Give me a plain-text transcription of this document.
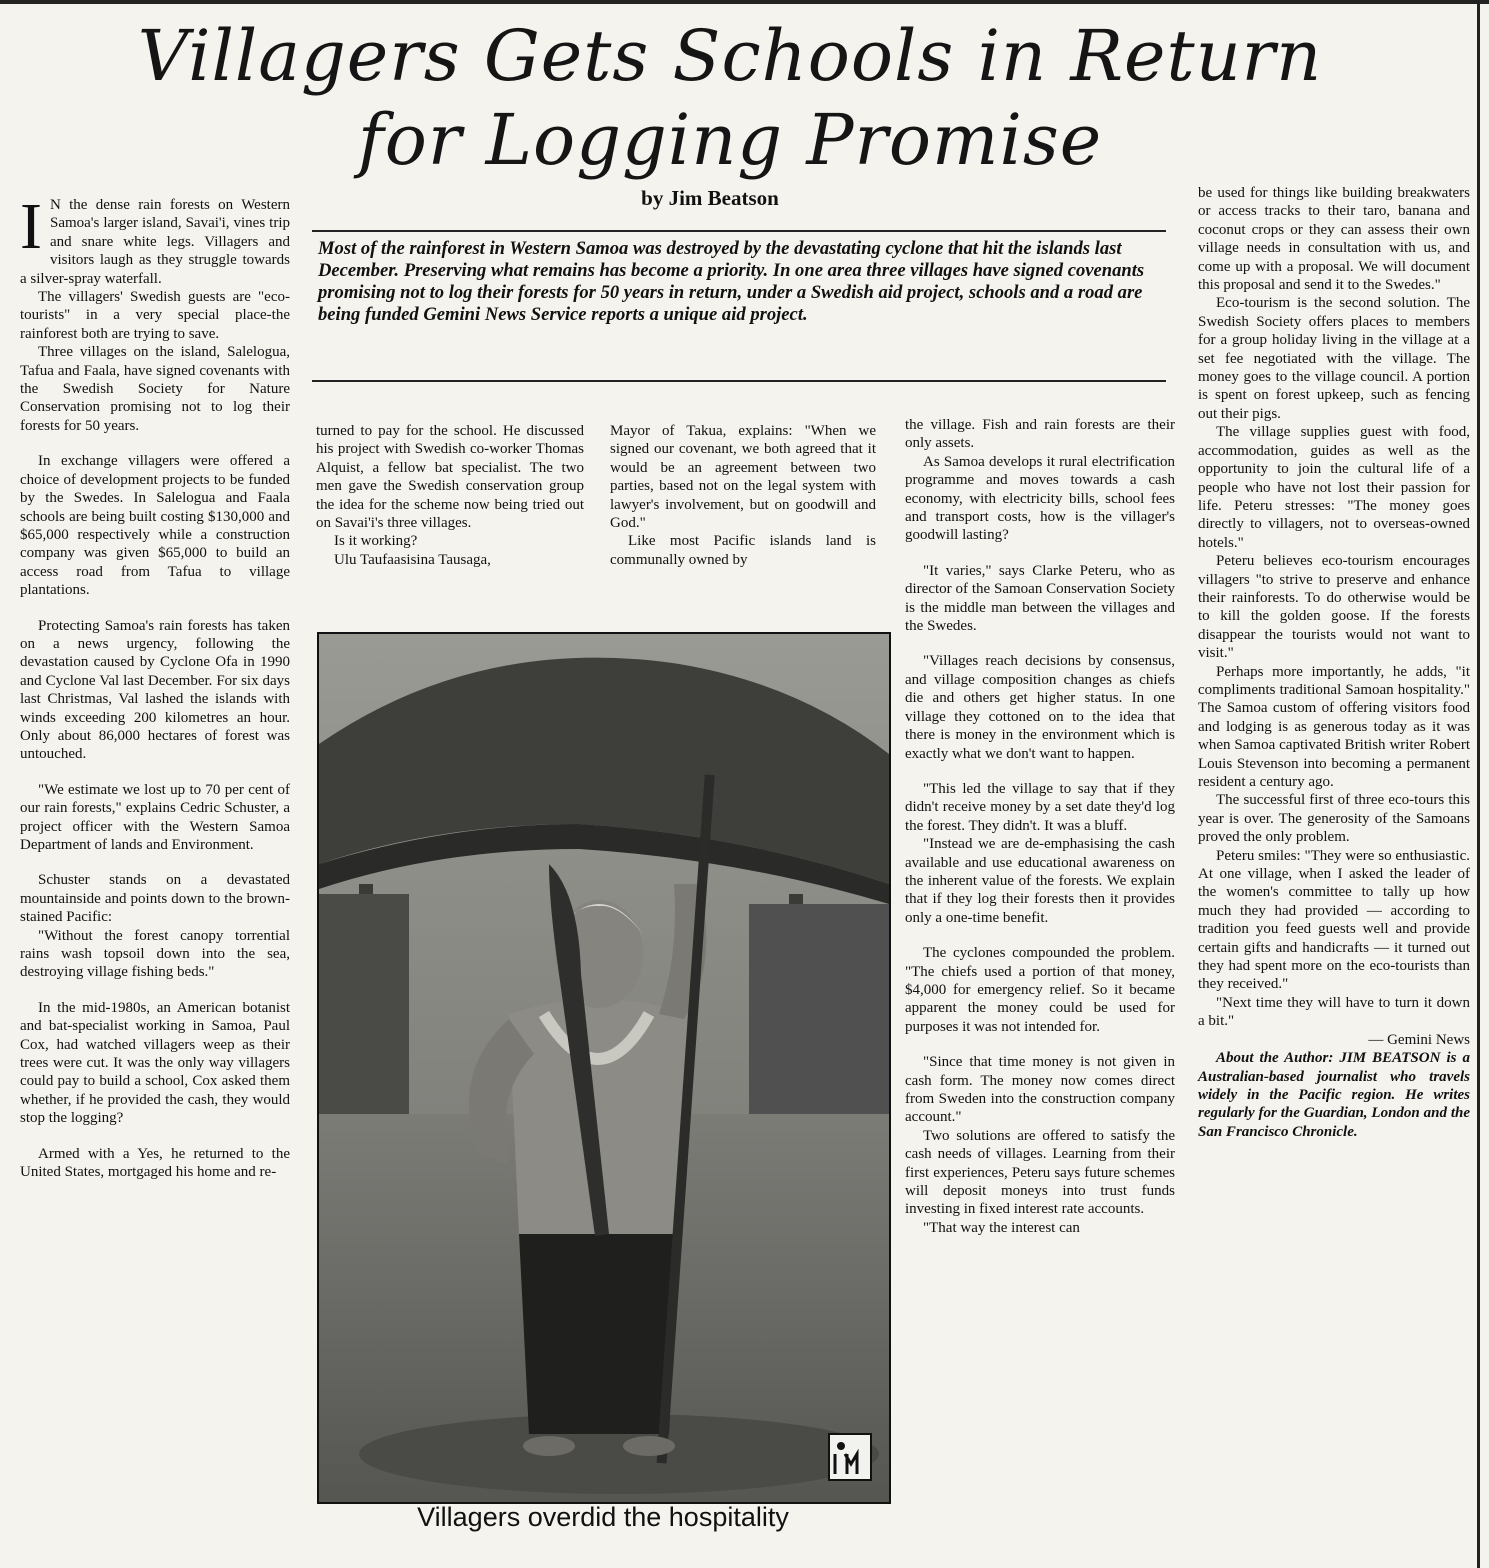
Villagers Gets Schools in Return
for Logging Promise
by Jim Beatson

Most of the rainforest in Western Samoa was destroyed by the devastating cyclone that hit the islands last December. Preserving what remains has become a priority. In one area three villages have signed covenants promising not to log their forests for 50 years in return, under a Swedish aid project, schools and a road are being funded Gemini News Service reports a unique aid project.

I N the dense rain forests on Western Samoa's larger island, Savai'i, vines trip and snare white legs. Villagers and visitors laugh as they struggle towards a silver-spray waterfall.

The villagers' Swedish guests are "eco-tourists" in a very special place-the rainforest both are trying to save.

Three villages on the island, Salelogua, Tafua and Faala, have signed covenants with the Swedish Society for Nature Conservation promising not to log their forests for 50 years.

In exchange villagers were offered a choice of development projects to be funded by the Swedes. In Salelogua and Faala schools are being built costing $130,000 and $65,000 respectively while a construction company was given $65,000 to build an access road from Tafua to village plantations.

Protecting Samoa's rain forests has taken on a news urgency, following the devastation caused by Cyclone Ofa in 1990 and Cyclone Val last December. For six days last Christmas, Val lashed the islands with winds exceeding 200 kilometres an hour. Only about 86,000 hectares of forest was untouched.

"We estimate we lost up to 70 per cent of our rain forests," explains Cedric Schuster, a project officer with the Western Samoa Department of lands and Environment.

Schuster stands on a devastated mountainside and points down to the brown-stained Pacific:

"Without the forest canopy torrential rains wash topsoil down into the sea, destroying village fishing beds."

In the mid-1980s, an American botanist and bat-specialist working in Samoa, Paul Cox, had watched villagers weep as their trees were cut. It was the only way villagers could pay to build a school, Cox asked them whether, if he provided the cash, they would stop the logging?

Armed with a Yes, he returned to the United States, mortgaged his home and re-

turned to pay for the school. He discussed his project with Swedish co-worker Thomas Alquist, a fellow bat specialist. The two men gave the Swedish conservation group the idea for the scheme now being tried out on Savai'i's three villages.

Is it working?

Ulu Taufaasisina Tausaga,

Mayor of Takua, explains: "When we signed our covenant, we both agreed that it would be an agreement between two parties, based not on the legal system with lawyer's involvement, but on goodwill and God."

Like most Pacific islands land is communally owned by

the village. Fish and rain forests are their only assets.

As Samoa develops it rural electrification programme and moves towards a cash economy, with electricity bills, school fees and transport costs, how is the villager's goodwill lasting?

"It varies," says Clarke Peteru, who as director of the Samoan Conservation Society is the middle man between the villages and the Swedes.

"Villages reach decisions by consensus, and village composition changes as chiefs die and others get higher status. In one village they cottoned on to the idea that there is money in the environment which is exactly what we don't want to happen.

"This led the village to say that if they didn't receive money by a set date they'd log the forest. They didn't. It was a bluff.

"Instead we are de-emphasising the cash available and use educational awareness on the inherent value of the forests. We explain that if they log their forests then it provides only a one-time benefit.

The cyclones compounded the problem. "The chiefs used a portion of that money, $4,000 for emergency relief. So it became apparent the money could be used for purposes it was not intended for.

"Since that time money is not given in cash form. The money now comes direct from Sweden into the construction company account."

Two solutions are offered to satisfy the cash needs of villages. Learning from their first experiences, Peteru says future schemes will deposit moneys into trust funds investing in fixed interest rate accounts.

"That way the interest can

be used for things like building breakwaters or access tracks to their taro, banana and coconut crops or they can assess their own village needs in consultation with us, and come up with a proposal. We will document this proposal and send it to the Swedes."

Eco-tourism is the second solution. The Swedish Society offers places to members for a group holiday living in the village at a set fee negotiated with the village. The money goes to the village council. A portion is spent on forest upkeep, such as fencing out their pigs.

The village supplies guest with food, accommodation, guides as well as the opportunity to join the cultural life of a people who have not lost their passion for life. Peteru stresses: "The money goes directly to villagers, not to overseas-owned hotels."

Peteru believes eco-tourism encourages villagers "to strive to preserve and enhance their rainforests. To do otherwise would be to kill the golden goose. If the forests disappear the tourists would not want to visit."

Perhaps more importantly, he adds, "it compliments traditional Samoan hospitality." The Samoa custom of offering visitors food and lodging is as generous today as it was when Samoa captivated British writer Robert Louis Stevenson into becoming a permanent resident a century ago.

The successful first of three eco-tours this year is over. The generosity of the Samoans proved the only problem.

Peteru smiles: "They were so enthusiastic. At one village, when I asked the leader of the women's committee to tally up how much they had provided — according to tradition you feed guests well and provide certain gifts and handicrafts — it turned out they had spent more on the eco-tourists than they received."

"Next time they will have to turn it down a bit."

— Gemini News

About the Author: JIM BEATSON is a Australian-based journalist who travels widely in the Pacific region. He writes regularly for the Guardian, London and the San Francisco Chronicle.

Villagers overdid the hospitality
